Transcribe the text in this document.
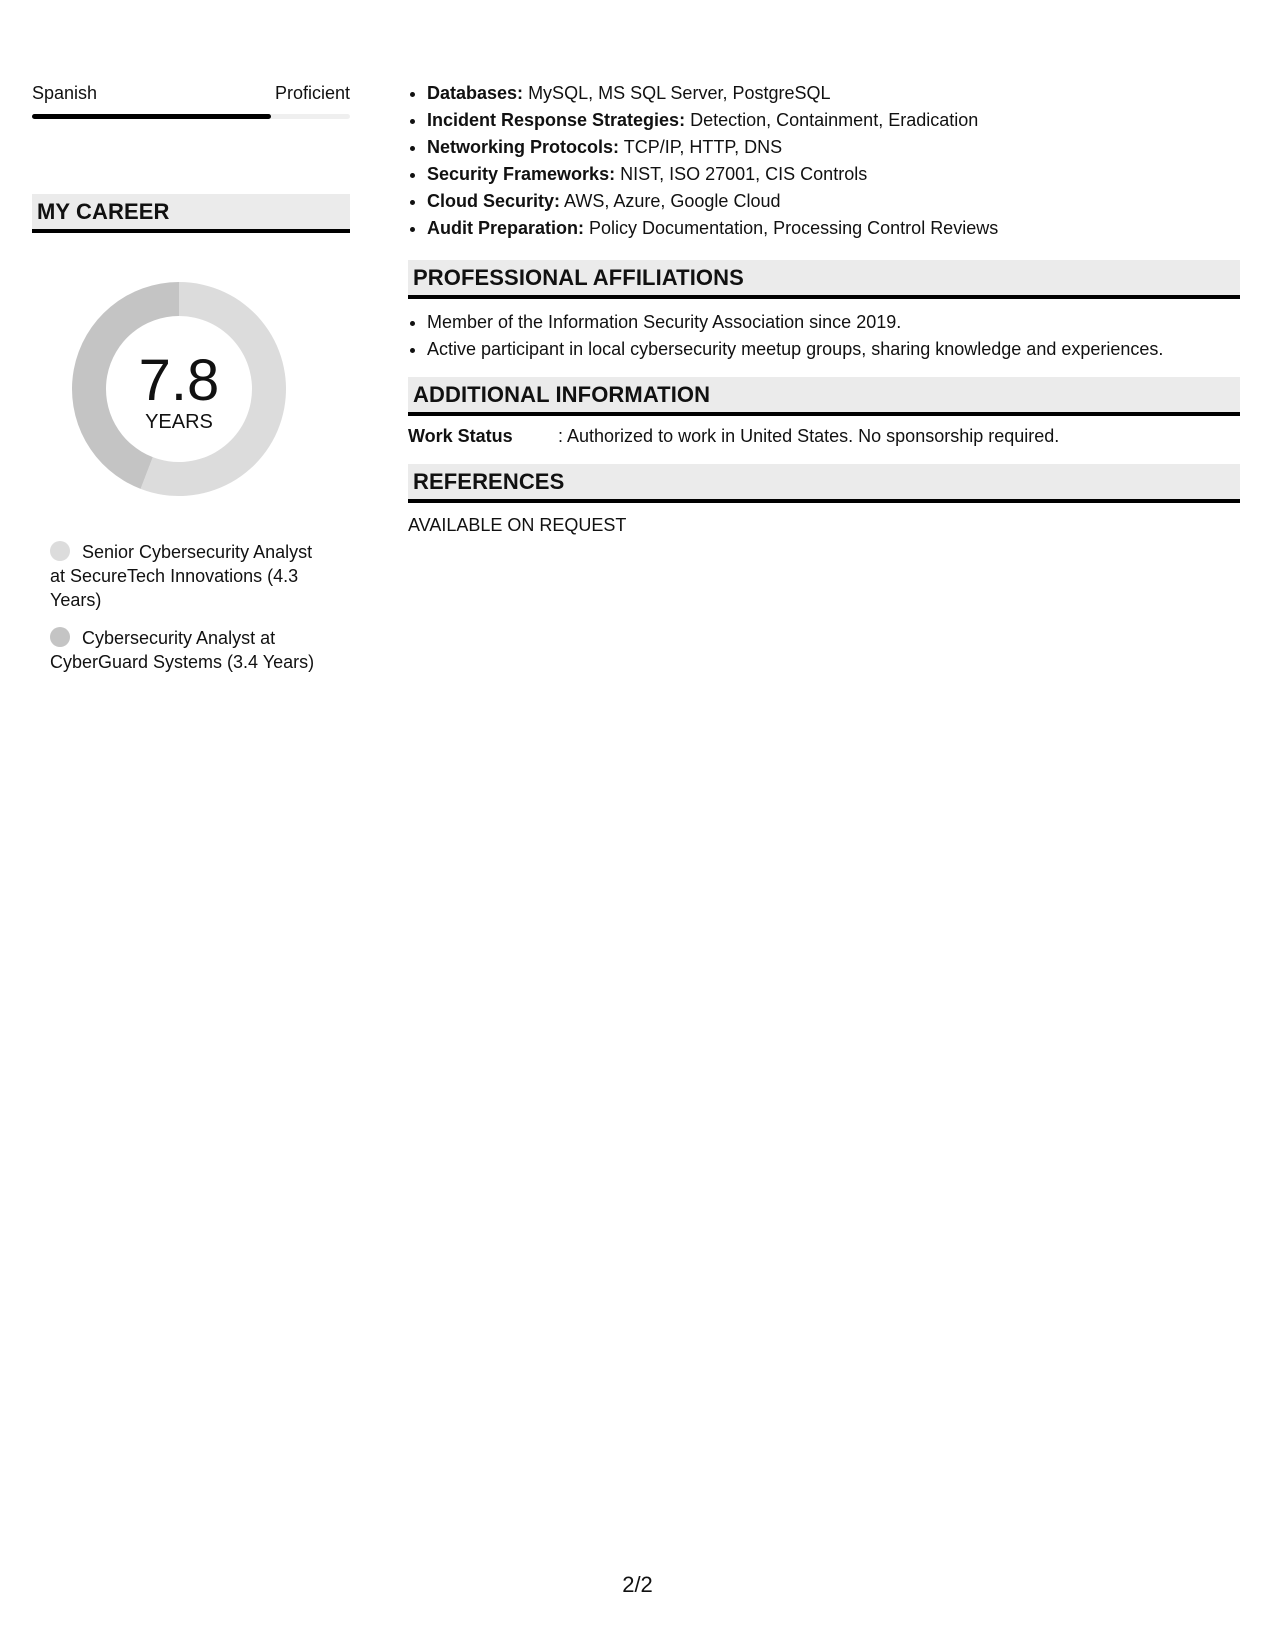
Spanish	Proficient
MY CAREER
7.8
YEARS
Senior Cybersecurity Analyst at SecureTech Innovations (4.3 Years)
Cybersecurity Analyst at CyberGuard Systems (3.4 Years)
• Databases: MySQL, MS SQL Server, PostgreSQL
• Incident Response Strategies: Detection, Containment, Eradication
• Networking Protocols: TCP/IP, HTTP, DNS
• Security Frameworks: NIST, ISO 27001, CIS Controls
• Cloud Security: AWS, Azure, Google Cloud
• Audit Preparation: Policy Documentation, Processing Control Reviews
PROFESSIONAL AFFILIATIONS
• Member of the Information Security Association since 2019.
• Active participant in local cybersecurity meetup groups, sharing knowledge and experiences.
ADDITIONAL INFORMATION
Work Status	: Authorized to work in United States. No sponsorship required.
REFERENCES
AVAILABLE ON REQUEST
2/2
